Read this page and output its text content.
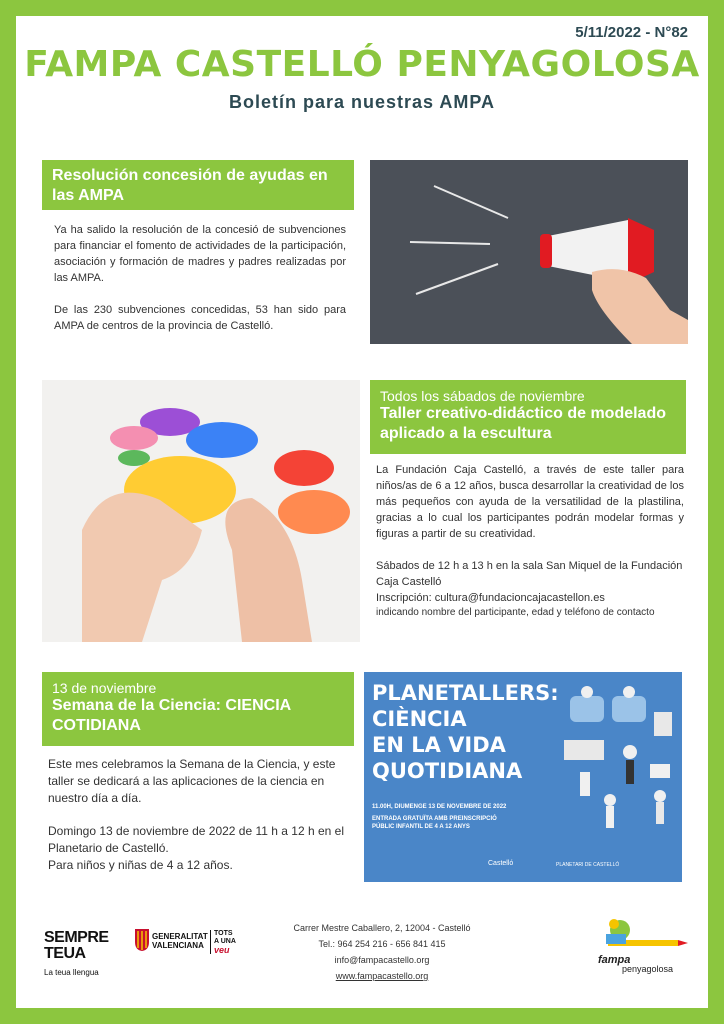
5/11/2022 - N°82
FAMPA CASTELLÓ PENYAGOLOSA
Boletín para nuestras AMPA
Resolución concesión de ayudas en las AMPA

Ya ha salido la resolución de la concesió de subvenciones para financiar el fomento de actividades de la participación, asociación y formación de madres y padres realizadas por las AMPA.

De las 230 subvenciones concedidas, 53 han sido para AMPA de centros de la provincia de Castelló.

Todos los sábados de noviembre
Taller creativo-didáctico de modelado aplicado a la escultura

La Fundación Caja Castelló, a través de este taller para niños/as de 6 a 12 años, busca desarrollar la creatividad de los más pequeños con ayuda de la versatilidad de la plastilina, gracias a lo cual los participantes podrán modelar formas y figuras a partir de su creatividad.

Sábados de 12 h a 13 h en la sala San Miquel de la Fundación Caja Castelló
Inscripción: cultura@fundacioncajacastellon.es
indicando nombre del participante, edad y teléfono de contacto
13 de noviembre
Semana de la Ciencia: CIENCIA COTIDIANA

Este mes celebramos la Semana de la Ciencia, y este taller se dedicará a las aplicaciones de la ciencia en nuestro día a día.

Domingo 13 de noviembre de 2022 de 11 h a 12 h en el Planetario de Castelló.
Para niños y niñas de 4 a 12 años.
PLANETALLERS:
CIÈNCIA
EN LA VIDA
QUOTIDIANA
11.00H, DIUMENGE 13 DE NOVEMBRE DE 2022
ENTRADA GRATUÏTA AMB PREINSCRIPCIÓ
PÚBLIC INFANTIL DE 4 A 12 ANYS
Castelló	PLANETARI DE CASTELLÓ
SEMPRE
TEUA
La teua llengua
GENERALITAT
VALENCIANA
TOTS
A UNA
veu
Carrer Mestre Caballero, 2, 12004 - Castelló
Tel.: 964 254 216 - 656 841 415
info@fampacastello.org
www.fampacastello.org
fampa
penyagolosa
